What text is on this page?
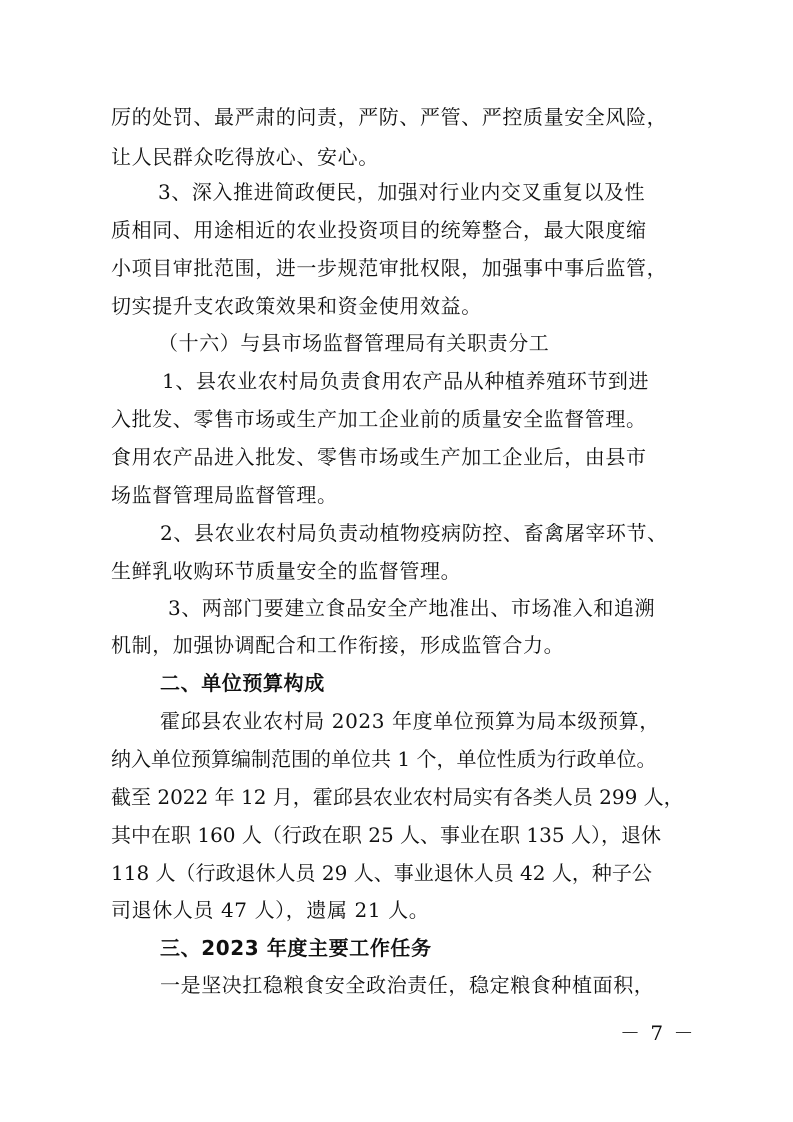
厉的处罚、最严肃的问责，严防、严管、严控质量安全风险，
让人民群众吃得放心、安心。
3、深入推进简政便民，加强对行业内交叉重复以及性
质相同、用途相近的农业投资项目的统筹整合，最大限度缩
小项目审批范围，进一步规范审批权限，加强事中事后监管，
切实提升支农政策效果和资金使用效益。
（十六）与县市场监督管理局有关职责分工
1、县农业农村局负责食用农产品从种植养殖环节到进
入批发、零售市场或生产加工企业前的质量安全监督管理。
食用农产品进入批发、零售市场或生产加工企业后，由县市
场监督管理局监督管理。
2、县农业农村局负责动植物疫病防控、畜禽屠宰环节、
生鲜乳收购环节质量安全的监督管理。
3、两部门要建立食品安全产地准出、市场准入和追溯
机制，加强协调配合和工作衔接，形成监管合力。
二、单位预算构成
霍邱县农业农村局 2023 年度单位预算为局本级预算，
纳入单位预算编制范围的单位共 1 个，单位性质为行政单位。
截至 2022 年 12 月，霍邱县农业农村局实有各类人员 299 人，
其中在职 160 人（行政在职 25 人、事业在职 135 人），退休
118 人（行政退休人员 29 人、事业退休人员 42 人，种子公
司退休人员 47 人），遗属 21 人。
三、2023 年度主要工作任务
一是坚决扛稳粮食安全政治责任，稳定粮食种植面积，
－ 7 －
